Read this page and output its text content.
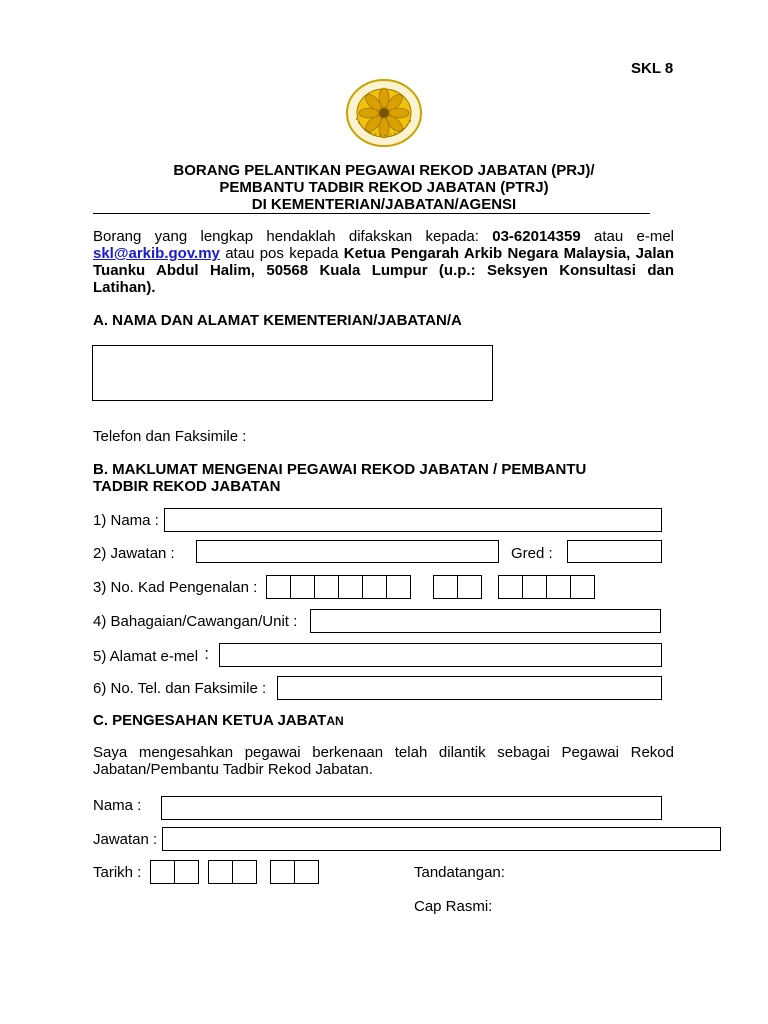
SKL 8
BORANG PELANTIKAN PEGAWAI REKOD JABATAN (PRJ)/
PEMBANTU TADBIR REKOD JABATAN (PTRJ)
DI KEMENTERIAN/JABATAN/AGENSI
Borang yang lengkap hendaklah difakskan kepada: 03-62014359 atau e-mel skl@arkib.gov.my atau pos kepada Ketua Pengarah Arkib Negara Malaysia, Jalan Tuanku Abdul Halim, 50568 Kuala Lumpur (u.p.: Seksyen Konsultasi dan Latihan).
A. NAMA DAN ALAMAT KEMENTERIAN/JABATAN/A
Telefon dan Faksimile :
B. MAKLUMAT MENGENAI PEGAWAI REKOD JABATAN / PEMBANTU
TADBIR REKOD JABATAN
1) Nama :
2) Jawatan :	Gred :
3) No. Kad Pengenalan :
4) Bahagaian/Cawangan/Unit :
5) Alamat e-mel :
6) No. Tel. dan Faksimile :
C. PENGESAHAN KETUA JABATAN
Saya mengesahkan pegawai berkenaan telah dilantik sebagai Pegawai Rekod Jabatan/Pembantu Tadbir Rekod Jabatan.
Nama :
Jawatan :
Tarikh :	Tandatangan:
Cap Rasmi:
